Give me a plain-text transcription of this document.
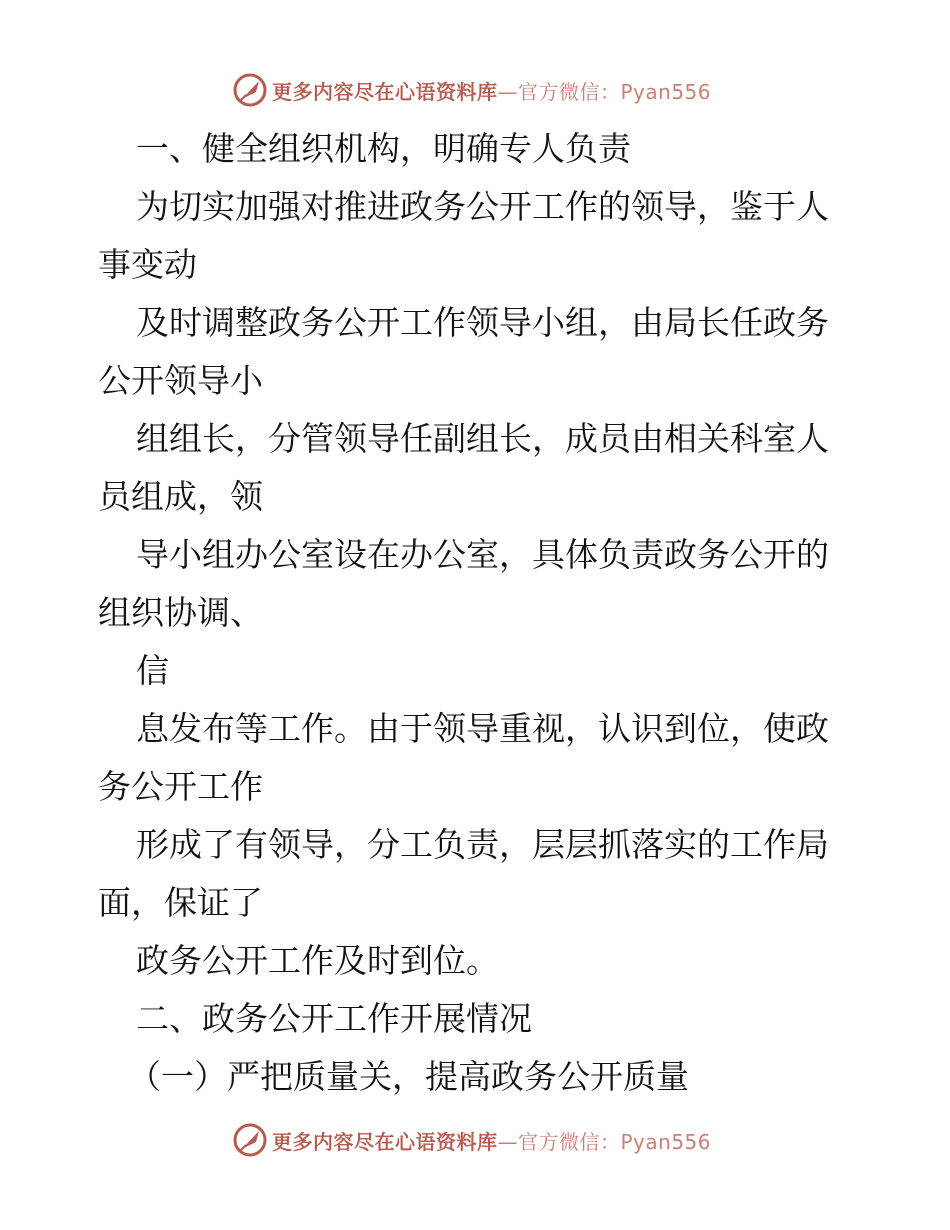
更多内容尽在心语资料库—官方微信：Pyan556
一、健全组织机构，明确专人负责
为切实加强对推进政务公开工作的领导，鉴于人
事变动
及时调整政务公开工作领导小组，由局长任政务
公开领导小
组组长，分管领导任副组长，成员由相关科室人
员组成，领
导小组办公室设在办公室，具体负责政务公开的
组织协调、
信
息发布等工作。由于领导重视，认识到位，使政
务公开工作
形成了有领导，分工负责，层层抓落实的工作局
面，保证了
政务公开工作及时到位。
二、政务公开工作开展情况
（一）严把质量关，提高政务公开质量
更多内容尽在心语资料库—官方微信：Pyan556
